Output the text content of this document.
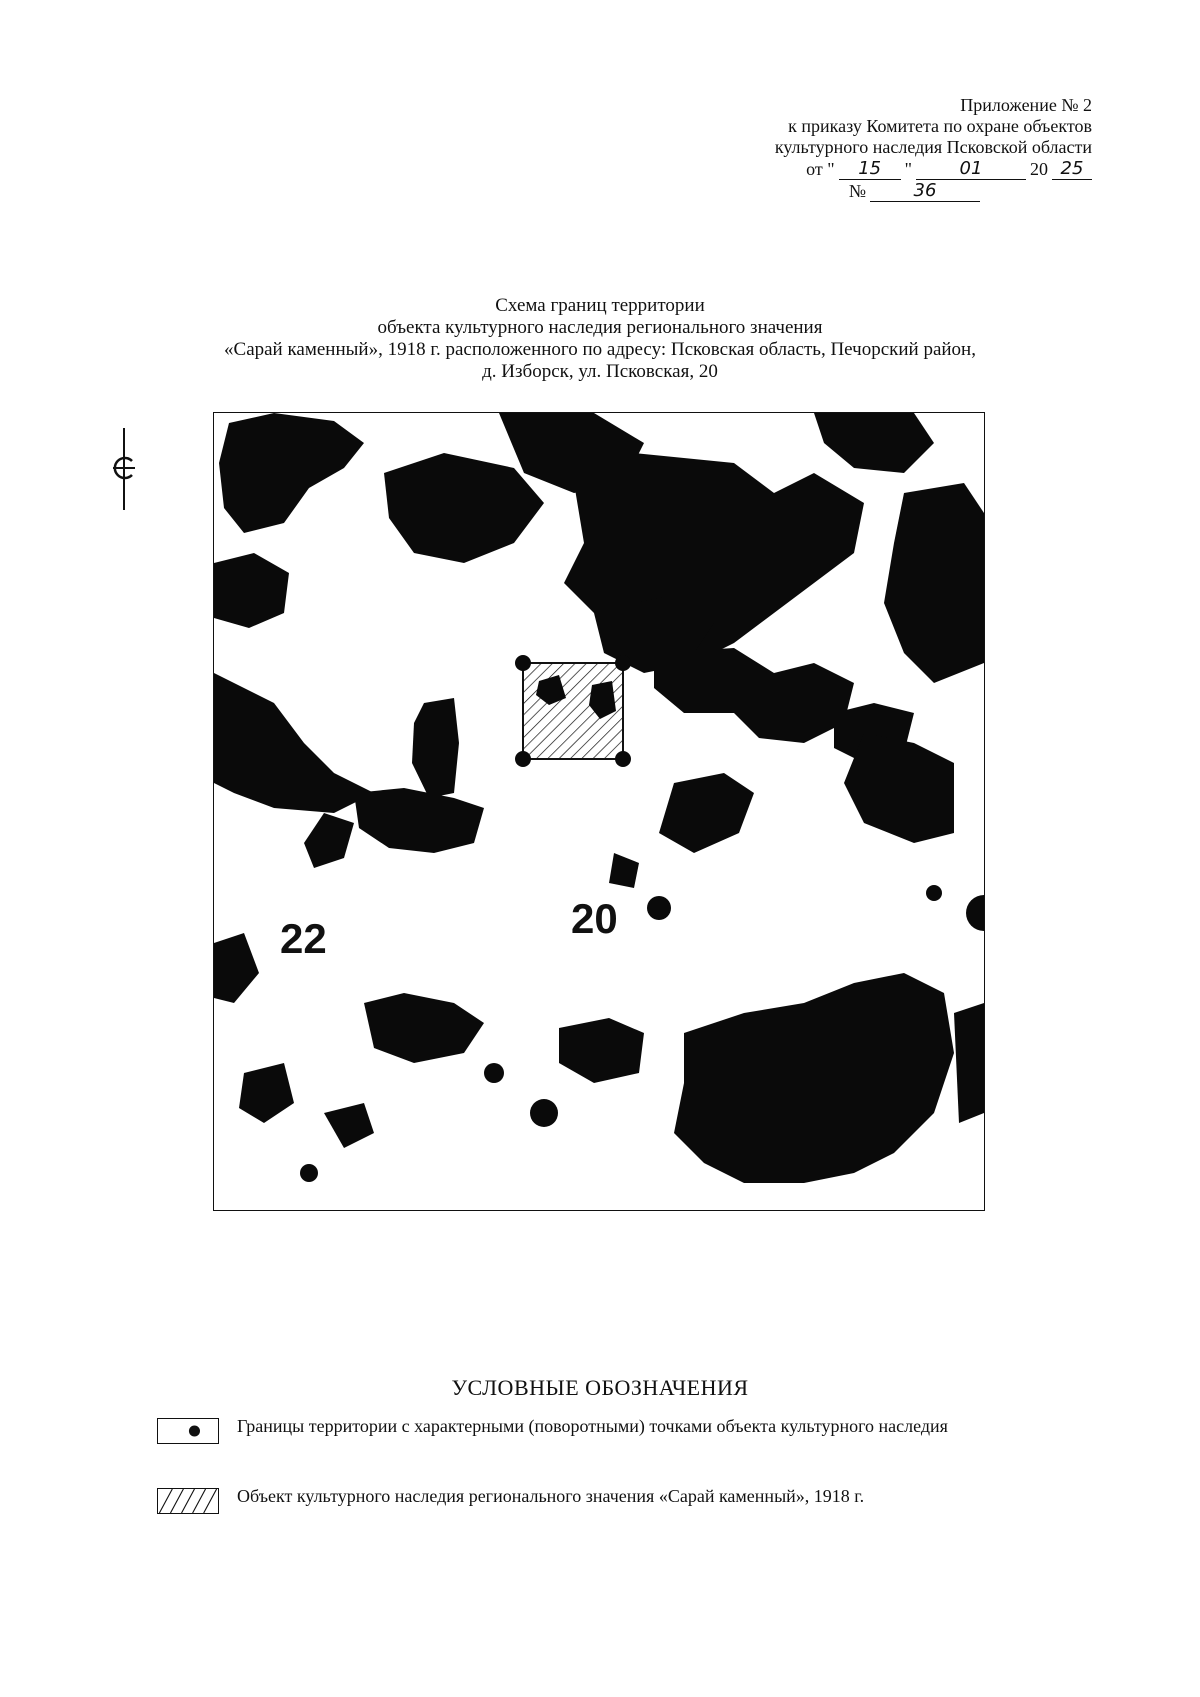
Приложение № 2
к приказу Комитета по охране объектов
культурного наследия Псковской области
от "	15	"	01	20 25
№	36
Схема границ территории
объекта культурного наследия регионального значения
«Сарай каменный», 1918 г. расположенного по адресу: Псковская область, Печорский район,
д. Изборск, ул. Псковская, 20
22	20
УСЛОВНЫЕ ОБОЗНАЧЕНИЯ
Границы территории с характерными (поворотными) точками объекта культурного наследия
Объект культурного наследия регионального значения «Сарай каменный», 1918 г.
